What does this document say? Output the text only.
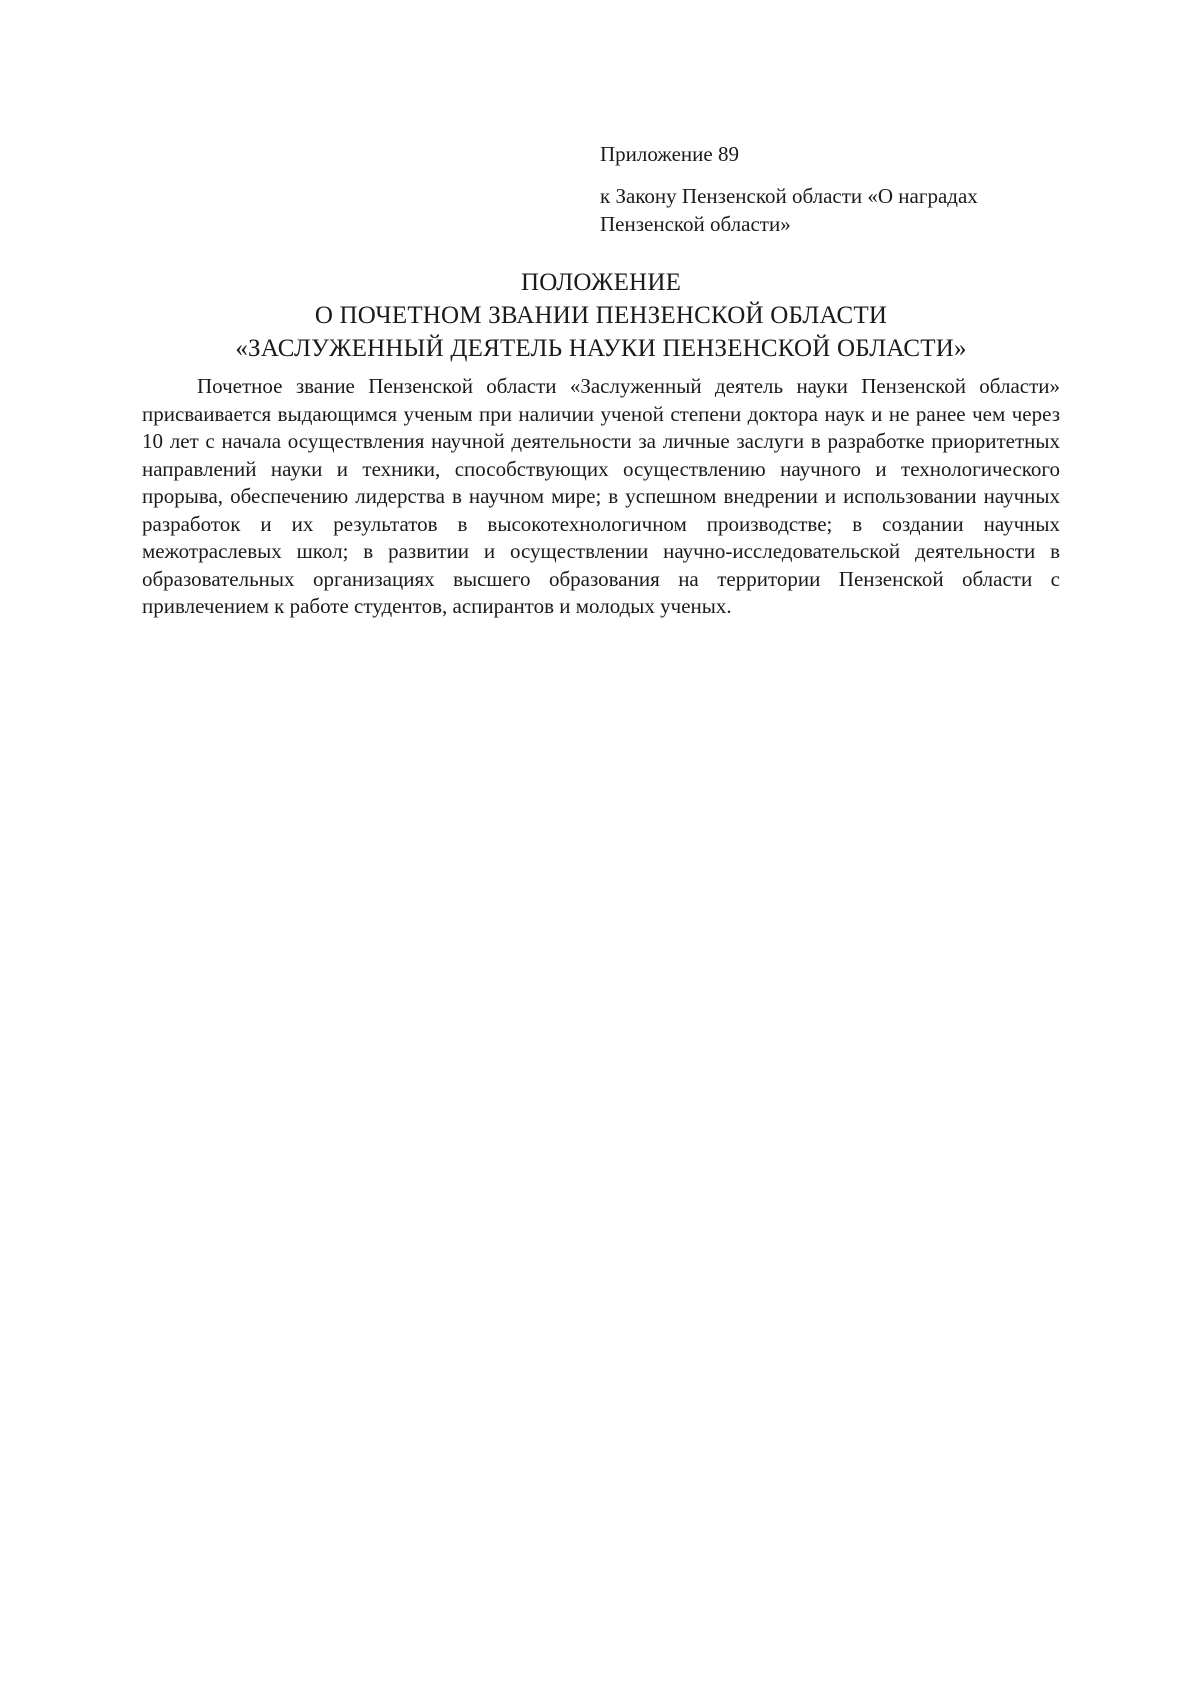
Приложение 89

к Закону Пензенской области «О наградах Пензенской области»

ПОЛОЖЕНИЕ
О ПОЧЕТНОМ ЗВАНИИ ПЕНЗЕНСКОЙ ОБЛАСТИ
«ЗАСЛУЖЕННЫЙ ДЕЯТЕЛЬ НАУКИ ПЕНЗЕНСКОЙ ОБЛАСТИ»

Почетное звание Пензенской области «Заслуженный деятель науки Пензенской области» присваивается выдающимся ученым при наличии ученой степени доктора наук и не ранее чем через 10 лет с начала осуществления научной деятельности за личные заслуги в разработке приоритетных направлений науки и техники, способствующих осуществлению научного и технологического прорыва, обеспечению лидерства в научном мире; в успешном внедрении и использовании научных разработок и их результатов в высокотехнологичном производстве; в создании научных межотраслевых школ; в развитии и осуществлении научно-исследовательской деятельности в образовательных организациях высшего образования на территории Пензенской области с привлечением к работе студентов, аспирантов и молодых ученых.
